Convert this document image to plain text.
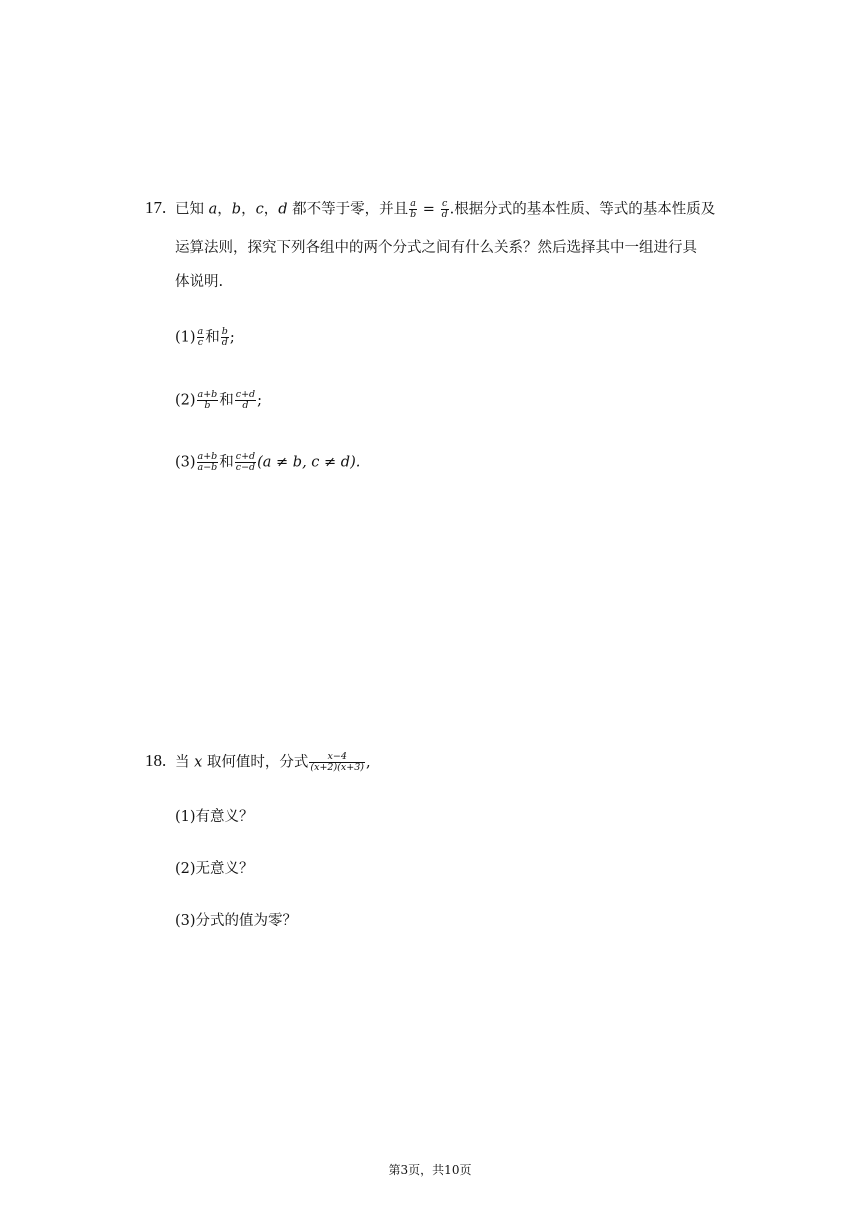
17. 已知 a，b，c，d 都不等于零，并且 $\frac{a}{b} = \frac{c}{d}$ .根据分式的基本性质、等式的基本性质及
运算法则，探究下列各组中的两个分式之间有什么关系？然后选择其中一组进行具
体说明.
$(1) \frac{a}{c}$ 和 $\frac{b}{d}$ ;
$(2) \frac{a+b}{b}$ 和 $\frac{c+d}{d}$ ;
$(3) \frac{a+b}{a-b}$ 和 $\frac{c+d}{c-d} (a \ne b$, c ≠ d).
18. 当 x 取何值时，分式 $\frac{x-4}{(x+2)(x+3)}$ ,
(1)有意义？
(2)无意义？
(3)分式的值为零？
第3页，共10页
